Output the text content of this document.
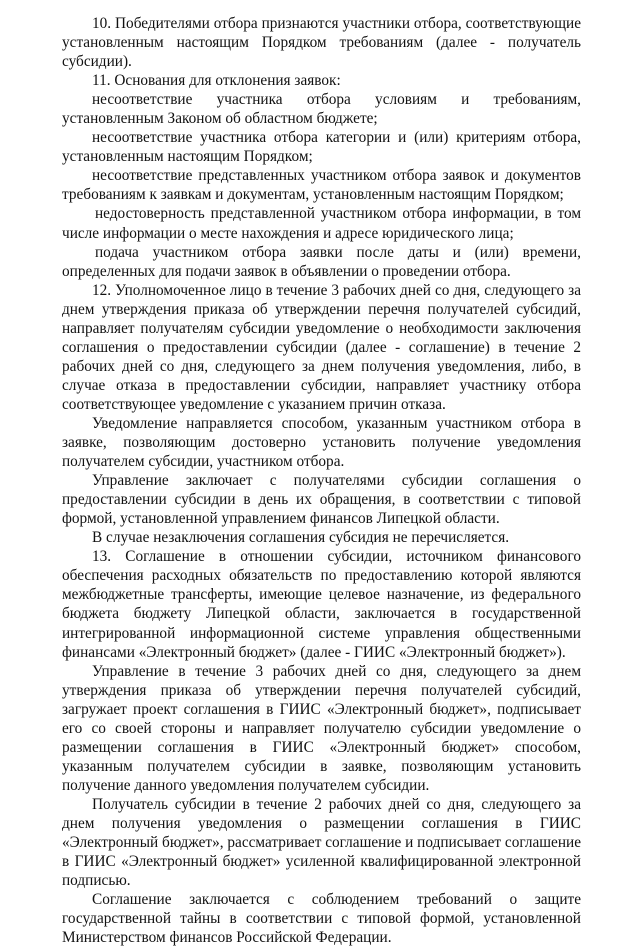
10. Победителями отбора признаются участники отбора, соответствующие установленным настоящим Порядком требованиям (далее - получатель субсидии).

11. Основания для отклонения заявок:

несоответствие участника отбора условиям и требованиям, установленным Законом об областном бюджете;

несоответствие участника отбора категории и (или) критериям отбора, установленным настоящим Порядком;

несоответствие представленных участником отбора заявок и документов требованиям к заявкам и документам, установленным настоящим Порядком;

недостоверность представленной участником отбора информации, в том числе информации о месте нахождения и адресе юридического лица;

подача участником отбора заявки после даты и (или) времени, определенных для подачи заявок в объявлении о проведении отбора.

12. Уполномоченное лицо в течение 3 рабочих дней со дня, следующего за днем утверждения приказа об утверждении перечня получателей субсидий, направляет получателям субсидии уведомление о необходимости заключения соглашения о предоставлении субсидии (далее - соглашение) в течение 2 рабочих дней со дня, следующего за днем получения уведомления, либо, в случае отказа в предоставлении субсидии, направляет участнику отбора соответствующее уведомление с указанием причин отказа.

Уведомление направляется способом, указанным участником отбора в заявке, позволяющим достоверно установить получение уведомления получателем субсидии, участником отбора.

Управление заключает с получателями субсидии соглашения о предоставлении субсидии в день их обращения, в соответствии с типовой формой, установленной управлением финансов Липецкой области.

В случае незаключения соглашения субсидия не перечисляется.

13. Соглашение в отношении субсидии, источником финансового обеспечения расходных обязательств по предоставлению которой являются межбюджетные трансферты, имеющие целевое назначение, из федерального бюджета бюджету Липецкой области, заключается в государственной интегрированной информационной системе управления общественными финансами «Электронный бюджет» (далее - ГИИС «Электронный бюджет»).

Управление в течение 3 рабочих дней со дня, следующего за днем утверждения приказа об утверждении перечня получателей субсидий, загружает проект соглашения в ГИИС «Электронный бюджет», подписывает его со своей стороны и направляет получателю субсидии уведомление о размещении соглашения в ГИИС «Электронный бюджет» способом, указанным получателем субсидии в заявке, позволяющим установить получение данного уведомления получателем субсидии.

Получатель субсидии в течение 2 рабочих дней со дня, следующего за днем получения уведомления о размещении соглашения в ГИИС «Электронный бюджет», рассматривает соглашение и подписывает соглашение в ГИИС «Электронный бюджет» усиленной квалифицированной электронной подписью.

Соглашение заключается с соблюдением требований о защите государственной тайны в соответствии с типовой формой, установленной Министерством финансов Российской Федерации.
